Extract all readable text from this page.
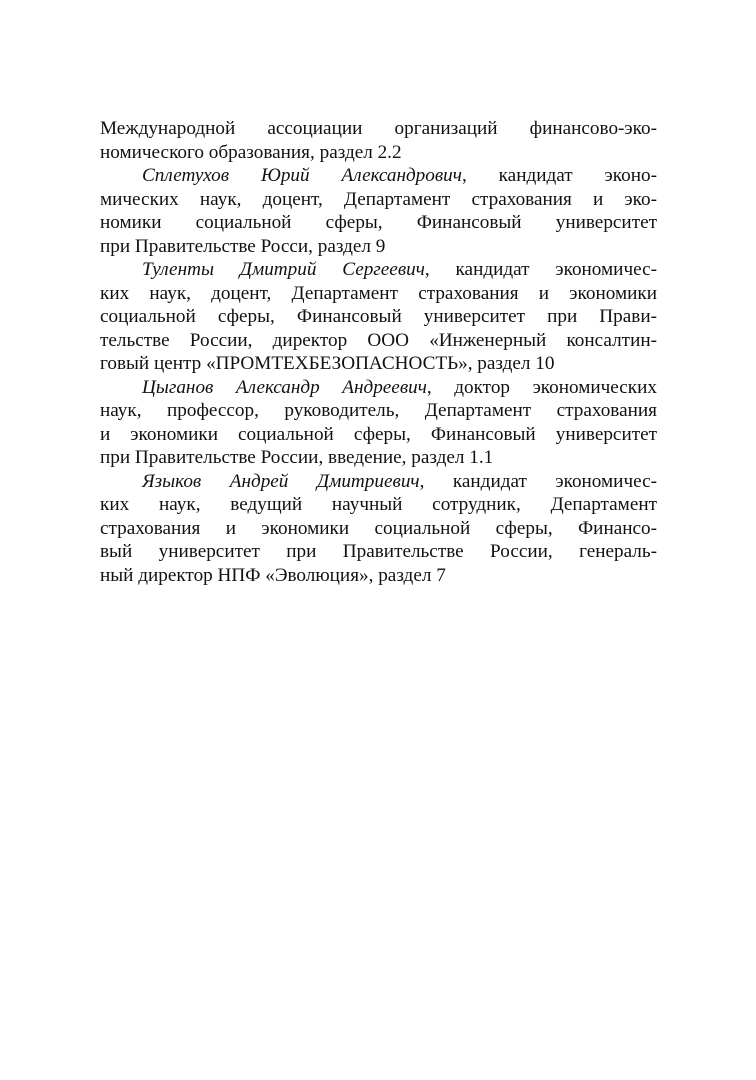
Международной ассоциации организаций финансово-эко-
номического образования, раздел 2.2
Сплетухов Юрий Александрович, кандидат эконо-
мических наук, доцент, Департамент страхования и эко-
номики социальной сферы, Финансовый университет
при Правительстве Росси, раздел 9
Туленты Дмитрий Сергеевич, кандидат экономичес-
ких наук, доцент, Департамент страхования и экономики
социальной сферы, Финансовый университет при Прави-
тельстве России, директор ООО «Инженерный консалтин-
говый центр «ПРОМТЕХБЕЗОПАСНОСТЬ», раздел 10
Цыганов Александр Андреевич, доктор экономических
наук, профессор, руководитель, Департамент страхования
и экономики социальной сферы, Финансовый университет
при Правительстве России, введение, раздел 1.1
Языков Андрей Дмитриевич, кандидат экономичес-
ких наук, ведущий научный сотрудник, Департамент
страхования и экономики социальной сферы, Финансо-
вый университет при Правительстве России, генераль-
ный директор НПФ «Эволюция», раздел 7
